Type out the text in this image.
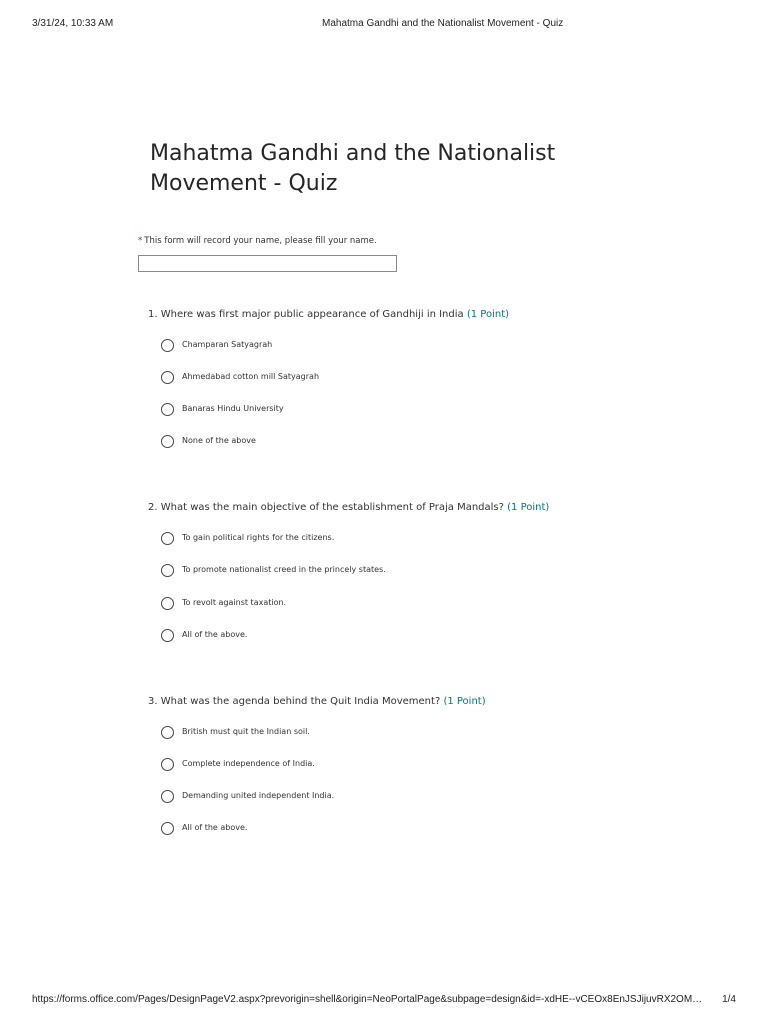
3/31/24, 10:33 AM	Mahatma Gandhi and the Nationalist Movement - Quiz
Mahatma Gandhi and the Nationalist Movement - Quiz
* This form will record your name, please fill your name.
1. Where was first major public appearance of Gandhiji in India (1 Point)
Champaran Satyagrah
Ahmedabad cotton mill Satyagrah
Banaras Hindu University
None of the above
2. What was the main objective of the establishment of Praja Mandals? (1 Point)
To gain political rights for the citizens.
To promote nationalist creed in the princely states.
To revolt against taxation.
All of the above.
3. What was the agenda behind the Quit India Movement? (1 Point)
British must quit the Indian soil.
Complete independence of India.
Demanding united independent India.
All of the above.
https://forms.office.com/Pages/DesignPageV2.aspx?prevorigin=shell&origin=NeoPortalPage&subpage=design&id=-xdHE--vCEOx8EnJSJijuvRX2OM…	1/4
